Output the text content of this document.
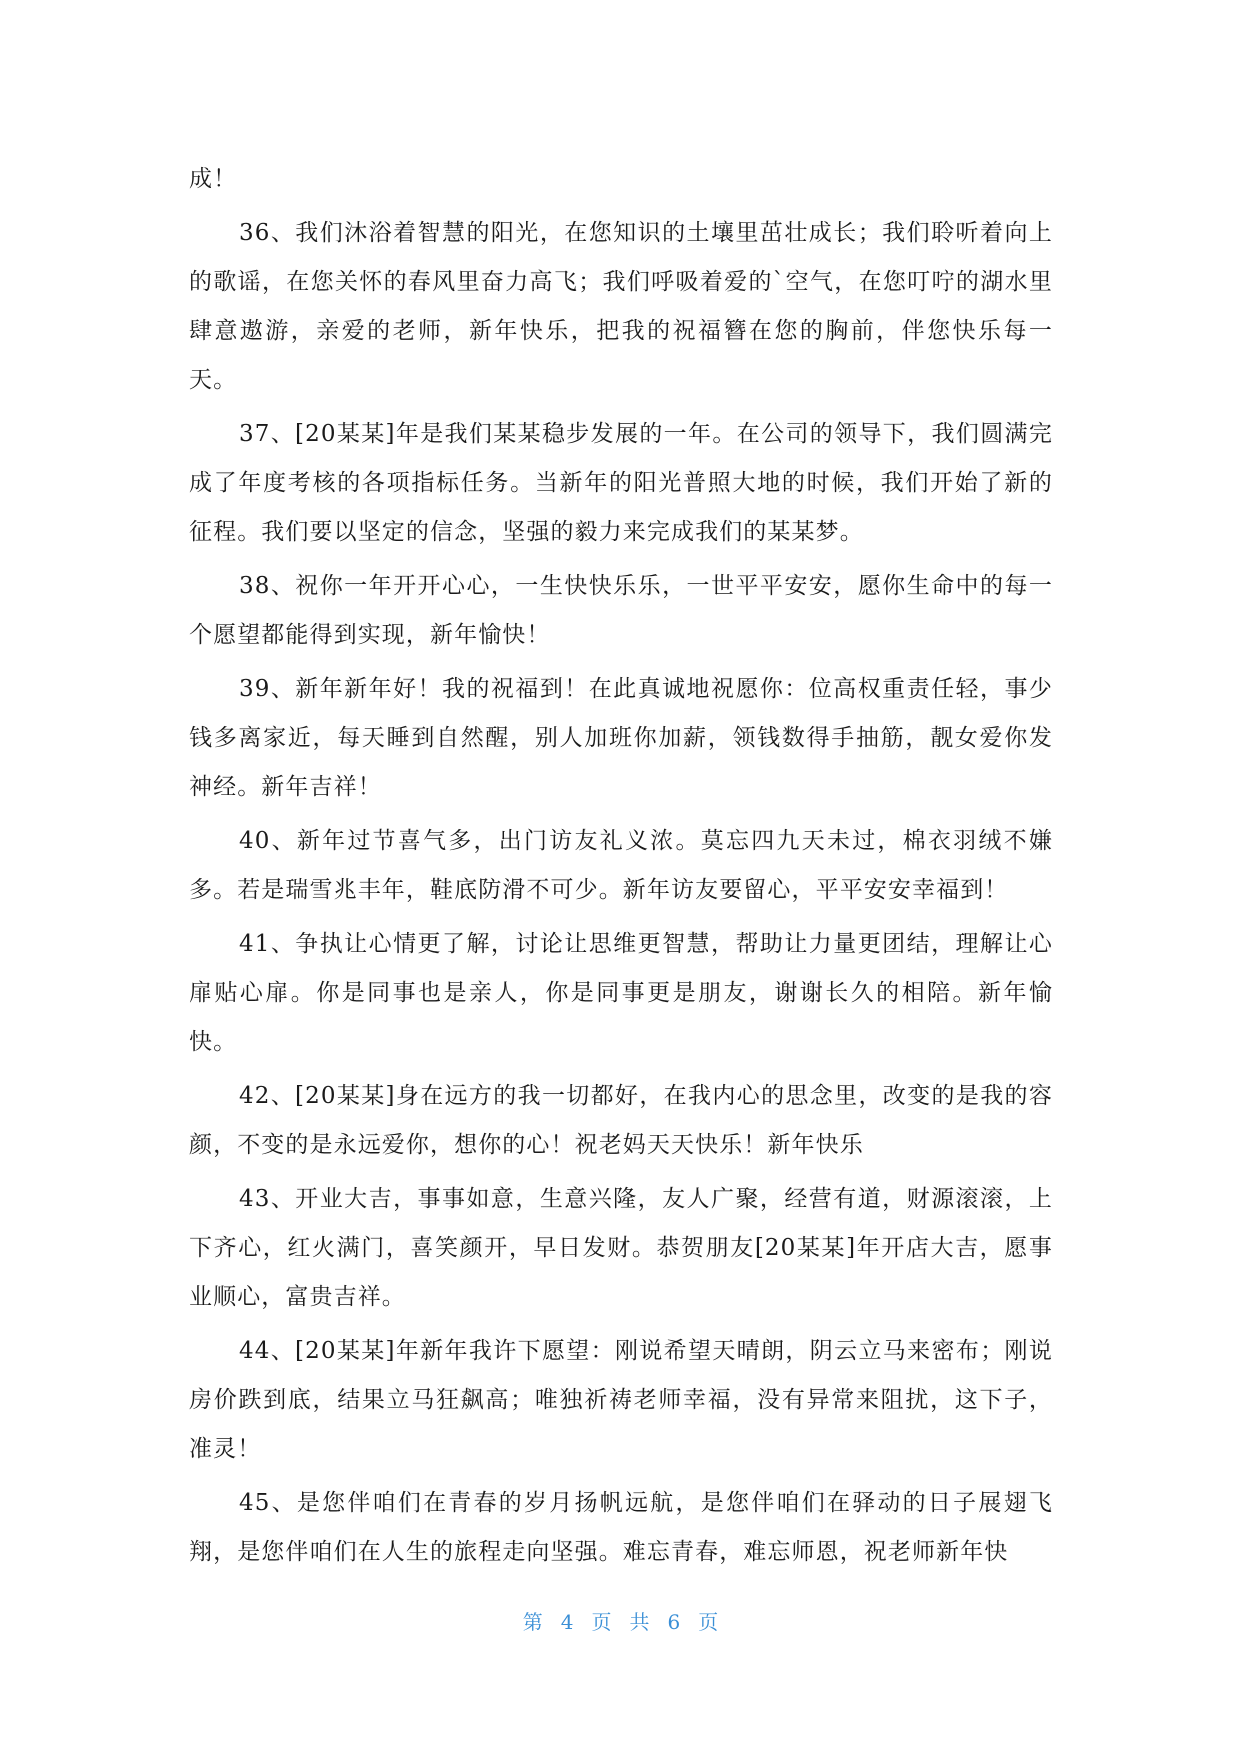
成！

36、我们沐浴着智慧的阳光，在您知识的土壤里茁壮成长；我们聆听着向上的歌谣，在您关怀的春风里奋力高飞；我们呼吸着爱的`空气，在您叮咛的湖水里肆意遨游，亲爱的老师，新年快乐，把我的祝福簪在您的胸前，伴您快乐每一天。

37、[20某某]年是我们某某稳步发展的一年。在公司的领导下，我们圆满完成了年度考核的各项指标任务。当新年的阳光普照大地的时候，我们开始了新的征程。我们要以坚定的信念，坚强的毅力来完成我们的某某梦。

38、祝你一年开开心心，一生快快乐乐，一世平平安安，愿你生命中的每一个愿望都能得到实现，新年愉快！

39、新年新年好！我的祝福到！在此真诚地祝愿你：位高权重责任轻，事少钱多离家近，每天睡到自然醒，别人加班你加薪，领钱数得手抽筋，靓女爱你发神经。新年吉祥！

40、新年过节喜气多，出门访友礼义浓。莫忘四九天未过，棉衣羽绒不嫌多。若是瑞雪兆丰年，鞋底防滑不可少。新年访友要留心，平平安安幸福到！

41、争执让心情更了解，讨论让思维更智慧，帮助让力量更团结，理解让心扉贴心扉。你是同事也是亲人，你是同事更是朋友，谢谢长久的相陪。新年愉快。

42、[20某某]身在远方的我一切都好，在我内心的思念里，改变的是我的容颜，不变的是永远爱你，想你的心！祝老妈天天快乐！新年快乐

43、开业大吉，事事如意，生意兴隆，友人广聚，经营有道，财源滚滚，上下齐心，红火满门，喜笑颜开，早日发财。恭贺朋友[20某某]年开店大吉，愿事业顺心，富贵吉祥。

44、[20某某]年新年我许下愿望：刚说希望天晴朗，阴云立马来密布；刚说房价跌到底，结果立马狂飙高；唯独祈祷老师幸福，没有异常来阻扰，这下子，准灵！

45、是您伴咱们在青春的岁月扬帆远航，是您伴咱们在驿动的日子展翅飞翔，是您伴咱们在人生的旅程走向坚强。难忘青春，难忘师恩，祝老师新年快

第 4 页 共 6 页
